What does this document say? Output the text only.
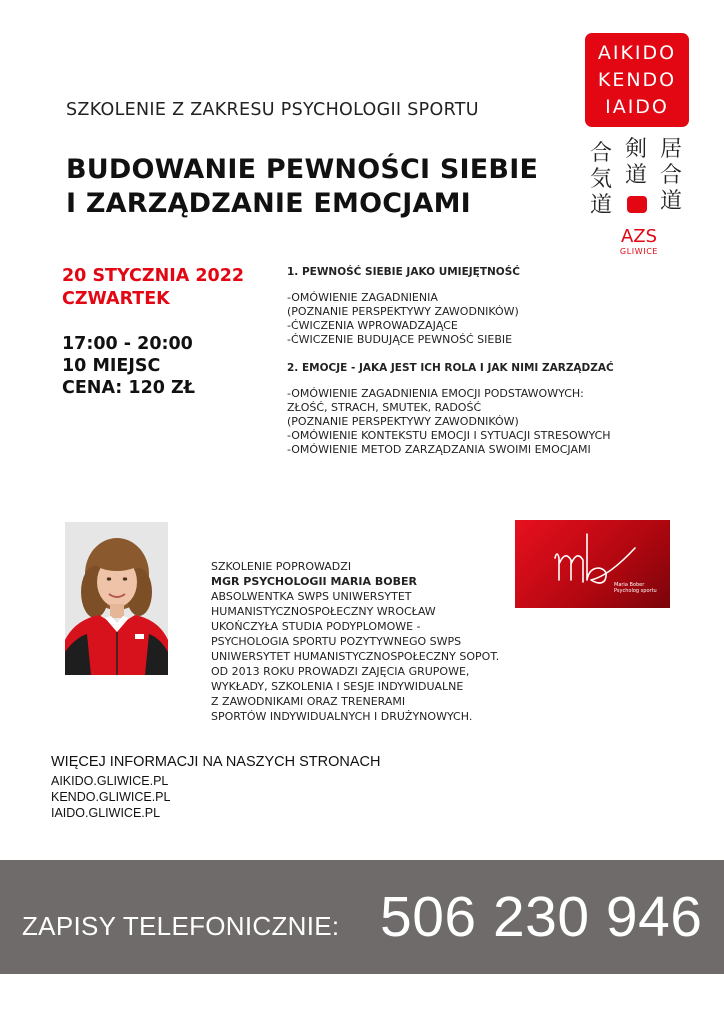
SZKOLENIE Z ZAKRESU PSYCHOLOGII SPORTU
BUDOWANIE PEWNOŚCI SIEBIE
I ZARZĄDZANIE EMOCJAMI
AIKIDO
KENDO
IAIDO
合
気
道
剣
道
居
合
道
AZS
GLIWICE
20 STYCZNIA 2022
CZWARTEK
17:00 - 20:00
10 MIEJSC
CENA: 120 ZŁ
1. PEWNOŚĆ SIEBIE JAKO UMIEJĘTNOŚĆ
-OMÓWIENIE ZAGADNIENIA
(POZNANIE PERSPEKTYWY ZAWODNIKÓW)
-ĆWICZENIA WPROWADZAJĄCE
-ĆWICZENIE BUDUJĄCE PEWNOŚĆ SIEBIE
2. EMOCJE - JAKA JEST ICH ROLA I JAK NIMI ZARZĄDZAĆ
-OMÓWIENIE ZAGADNIENIA EMOCJI PODSTAWOWYCH:
ZŁOŚĆ, STRACH, SMUTEK, RADOŚĆ
(POZNANIE PERSPEKTYWY ZAWODNIKÓW)
-OMÓWIENIE KONTEKSTU EMOCJI I SYTUACJI STRESOWYCH
-OMÓWIENIE METOD ZARZĄDZANIA SWOIMI EMOCJAMI
SZKOLENIE POPROWADZI
MGR PSYCHOLOGII MARIA BOBER
ABSOLWENTKA SWPS UNIWERSYTET
HUMANISTYCZNOSPOŁECZNY WROCŁAW
UKOŃCZYŁA STUDIA PODYPLOMOWE -
PSYCHOLOGIA SPORTU POZYTYWNEGO SWPS
UNIWERSYTET HUMANISTYCZNOSPOŁECZNY SOPOT.
OD 2013 ROKU PROWADZI ZAJĘCIA GRUPOWE,
WYKŁADY, SZKOLENIA I SESJE INDYWIDUALNE
Z ZAWODNIKAMI ORAZ TRENERAMI
SPORTÓW INDYWIDUALNYCH I DRUŻYNOWYCH.
Maria Bober
Psycholog sportu
WIĘCEJ INFORMACJI NA NASZYCH STRONACH
AIKIDO.GLIWICE.PL
KENDO.GLIWICE.PL
IAIDO.GLIWICE.PL
ZAPISY TELEFONICZNIE: 506 230 946
